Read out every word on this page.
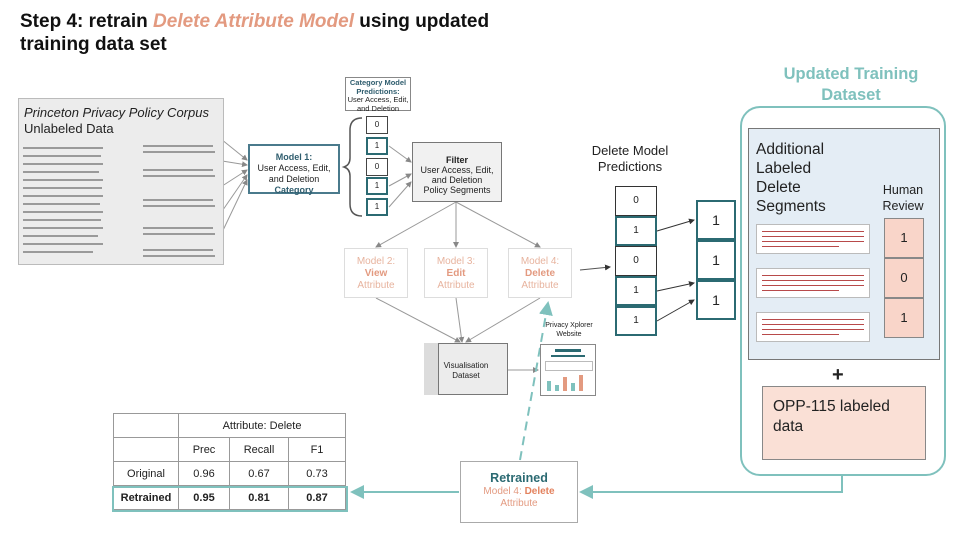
Step 4: retrain Delete Attribute Model using updated
training data set
Princeton Privacy Policy Corpus
Unlabeled Data
Model 1:
User Access, Edit,
and Deletion
Category
Category Model Predictions:
User Access, Edit, and Deletion
0
1
0
1
1
Filter
User Access, Edit,
and Deletion
Policy Segments
Model 2:
View
Attribute
Model 3:
Edit
Attribute
Model 4:
Delete
Attribute
Visualisation
Dataset
Privacy Xplorer
Website
Delete Model
Predictions
0
1
0
1
1
1
1
1
Updated Training
Dataset
Additional
Labeled
Delete
Segments
Human
Review
1
0
1
+
OPP-115 labeled
data
Retrained
Model 4: Delete
Attribute
	Attribute: Delete		
	Prec	Recall	F1
Original	0.96	0.67	0.73
Retrained	0.95	0.81	0.87
